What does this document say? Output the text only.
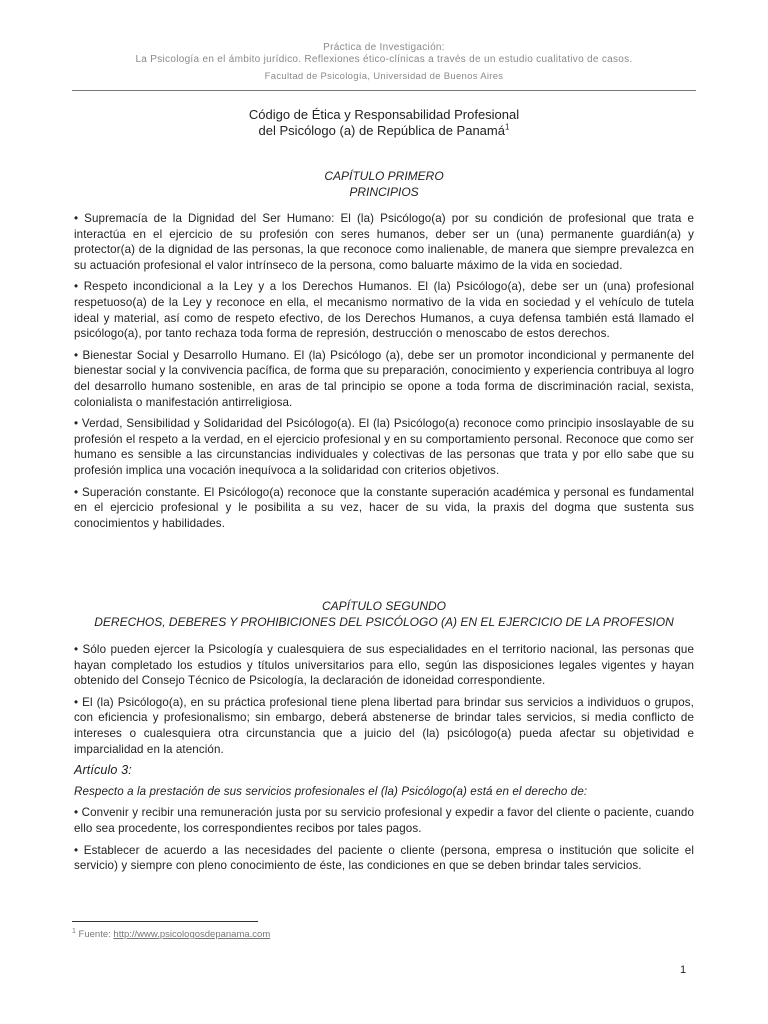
Práctica de Investigación:
La Psicología en el ámbito jurídico. Reflexiones ético-clínicas a través de un estudio cualitativo de casos.
Facultad de Psicología, Universidad de Buenos Aires
Código de Ética y Responsabilidad Profesional
del Psicólogo (a) de República de Panamá$^1$
CAPÍTULO PRIMERO
PRINCIPIOS

• Supremacía de la Dignidad del Ser Humano: El (la) Psicólogo(a) por su condición de profesional que trata e interactúa en el ejercicio de su profesión con seres humanos, deber ser un (una) permanente guardián(a) y protector(a) de la dignidad de las personas, la que reconoce como inalienable, de manera que siempre prevalezca en su actuación profesional el valor intrínseco de la persona, como baluarte máximo de la vida en sociedad.

• Respeto incondicional a la Ley y a los Derechos Humanos. El (la) Psicólogo(a), debe ser un (una) profesional respetuoso(a) de la Ley y reconoce en ella, el mecanismo normativo de la vida en sociedad y el vehículo de tutela ideal y material, así como de respeto efectivo, de los Derechos Humanos, a cuya defensa también está llamado el psicólogo(a), por tanto rechaza toda forma de represión, destrucción o menoscabo de estos derechos.

• Bienestar Social y Desarrollo Humano. El (la) Psicólogo (a), debe ser un promotor incondicional y permanente del bienestar social y la convivencia pacífica, de forma que su preparación, conocimiento y experiencia contribuya al logro del desarrollo humano sostenible, en aras de tal principio se opone a toda forma de discriminación racial, sexista, colonialista o manifestación antirreligiosa.

• Verdad, Sensibilidad y Solidaridad del Psicólogo(a). El (la) Psicólogo(a) reconoce como principio insoslayable de su profesión el respeto a la verdad, en el ejercicio profesional y en su comportamiento personal. Reconoce que como ser humano es sensible a las circunstancias individuales y colectivas de las personas que trata y por ello sabe que su profesión implica una vocación inequívoca a la solidaridad con criterios objetivos.

• Superación constante. El Psicólogo(a) reconoce que la constante superación académica y personal es fundamental en el ejercicio profesional y le posibilita a su vez, hacer de su vida, la praxis del dogma que sustenta sus conocimientos y habilidades.

CAPÍTULO SEGUNDO
DERECHOS, DEBERES Y PROHIBICIONES DEL PSICÓLOGO (A) EN EL EJERCICIO DE LA PROFESION

• Sólo pueden ejercer la Psicología y cualesquiera de sus especialidades en el territorio nacional, las personas que hayan completado los estudios y títulos universitarios para ello, según las disposiciones legales vigentes y hayan obtenido del Consejo Técnico de Psicología, la declaración de idoneidad correspondiente.

• El (la) Psicólogo(a), en su práctica profesional tiene plena libertad para brindar sus servicios a individuos o grupos, con eficiencia y profesionalismo; sin embargo, deberá abstenerse de brindar tales servicios, si media conflicto de intereses o cualesquiera otra circunstancia que a juicio del (la) psicólogo(a) pueda afectar su objetividad e imparcialidad en la atención.

Artículo 3:

Respecto a la prestación de sus servicios profesionales el (la) Psicólogo(a) está en el derecho de:

• Convenir y recibir una remuneración justa por su servicio profesional y expedir a favor del cliente o paciente, cuando ello sea procedente, los correspondientes recibos por tales pagos.

• Establecer de acuerdo a las necesidades del paciente o cliente (persona, empresa o institución que solicite el servicio) y siempre con pleno conocimiento de éste, las condiciones en que se deben brindar tales servicios.

$^1$ Fuente: http://www.psicologosdepanama.com
1
